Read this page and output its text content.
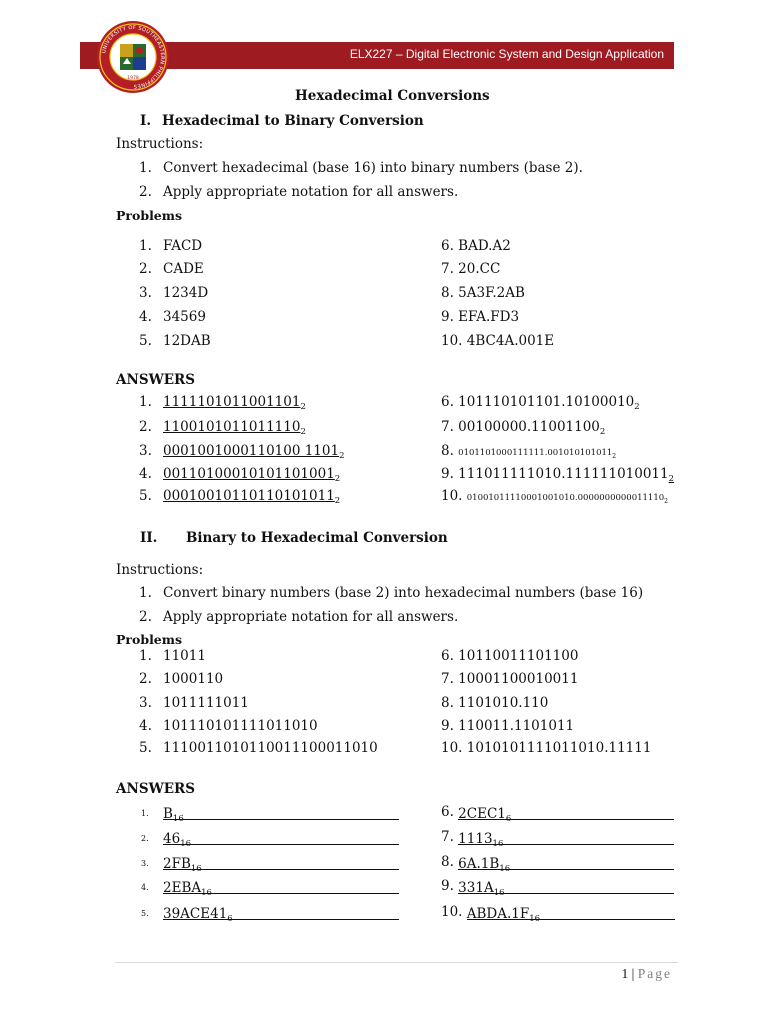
ELX227 – Digital Electronic System and Design Application
UNIVERSITY OF SOUTHEASTERN PHILIPPINES
1978
Hexadecimal Conversions
I. Hexadecimal to Binary Conversion
Instructions:
1. Convert hexadecimal (base 16) into binary numbers (base 2).
2. Apply appropriate notation for all answers.
Problems
1. FACD
2. CADE
3. 1234D
4. 34569
5. 12DAB
6. BAD.A2
7. 20.CC
8. 5A3F.2AB
9. EFA.FD3
10. 4BC4A.001E
ANSWERS
1. $1111101011001101_2$
2. $1100101011011110_2$
3. 0001001000110100 $1101_2$
4. $00110100010101101001_2$
5. $00010010110110101011_2$
6. $101110101101.10100010_2$
7. $00100000.11001100_2$
8. $0101101000111111.001010101011_2$
9. $111011111010.111111010011_2$
10. $01001011110001001010.0000000000011110_2$
II. Binary to Hexadecimal Conversion
Instructions:
1. Convert binary numbers (base 2) into hexadecimal numbers (base 16)
2. Apply appropriate notation for all answers.
Problems
1. 11011
2. 1000110
3. 1011111011
4. 101110101111011010
5. 1110011010110011100011010
6. 10110011101100
7. 10001100010011
8. 1101010.110
9. 110011.1101011
10. 1010101111011010.11111
ANSWERS
1. $B_{16}$
2. $46_{16}$
3. $2FB_{16}$
4. $2EBA_{16}$
5. $39ACE41_6$
6. $2CEC1_6$
7. $1113_{16}$
8. $6A.1B_{16}$
9. $331A_{16}$
10. $ABDA.1F_{16}$
1 | Page
